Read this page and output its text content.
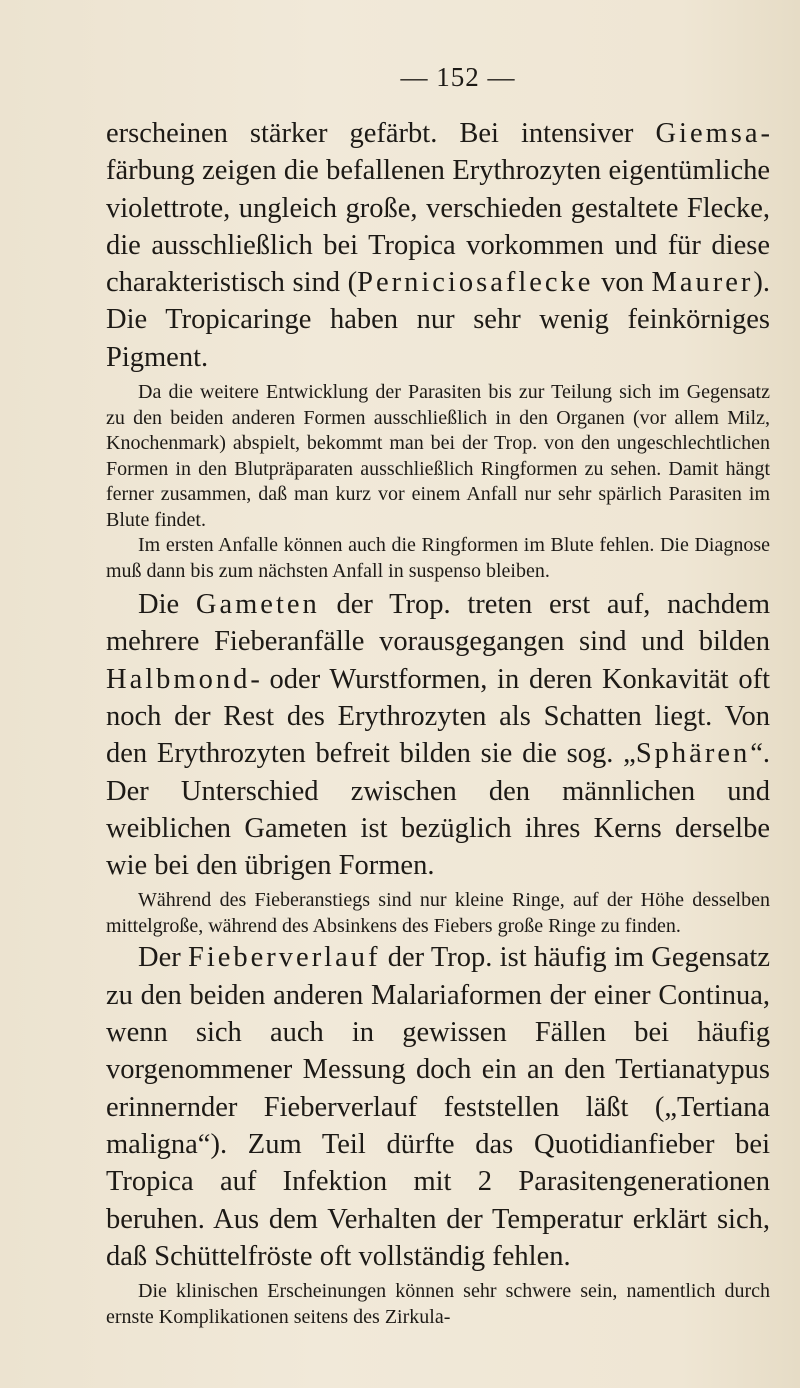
— 152 —

erscheinen stärker gefärbt. Bei intensiver Giemsa-färbung zeigen die befallenen Erythrozyten eigentümliche violettrote, ungleich große, verschieden gestaltete Flecke, die ausschließlich bei Tropica vorkommen und für diese charakteristisch sind (Perniciosaflecke von Maurer). Die Tropicaringe haben nur sehr wenig feinkörniges Pigment.

Da die weitere Entwicklung der Parasiten bis zur Teilung sich im Gegensatz zu den beiden anderen Formen ausschließlich in den Organen (vor allem Milz, Knochenmark) abspielt, bekommt man bei der Trop. von den ungeschlechtlichen Formen in den Blutpräparaten ausschließlich Ringformen zu sehen. Damit hängt ferner zusammen, daß man kurz vor einem Anfall nur sehr spärlich Parasiten im Blute findet.

Im ersten Anfalle können auch die Ringformen im Blute fehlen. Die Diagnose muß dann bis zum nächsten Anfall in suspenso bleiben.

Die Gameten der Trop. treten erst auf, nachdem mehrere Fieberanfälle vorausgegangen sind und bilden Halbmond- oder Wurstformen, in deren Konkavität oft noch der Rest des Erythrozyten als Schatten liegt. Von den Erythrozyten befreit bilden sie die sog. „Sphären“. Der Unterschied zwischen den männlichen und weiblichen Gameten ist bezüglich ihres Kerns derselbe wie bei den übrigen Formen.

Während des Fieberanstiegs sind nur kleine Ringe, auf der Höhe desselben mittelgroße, während des Absinkens des Fiebers große Ringe zu finden.

Der Fieberverlauf der Trop. ist häufig im Gegensatz zu den beiden anderen Malariaformen der einer Continua, wenn sich auch in gewissen Fällen bei häufig vorgenommener Messung doch ein an den Tertianatypus erinnernder Fieberverlauf feststellen läßt („Tertiana maligna“). Zum Teil dürfte das Quotidianfieber bei Tropica auf Infektion mit 2 Parasitengenerationen beruhen. Aus dem Verhalten der Temperatur erklärt sich, daß Schüttelfröste oft vollständig fehlen.

Die klinischen Erscheinungen können sehr schwere sein, namentlich durch ernste Komplikationen seitens des Zirkula-
